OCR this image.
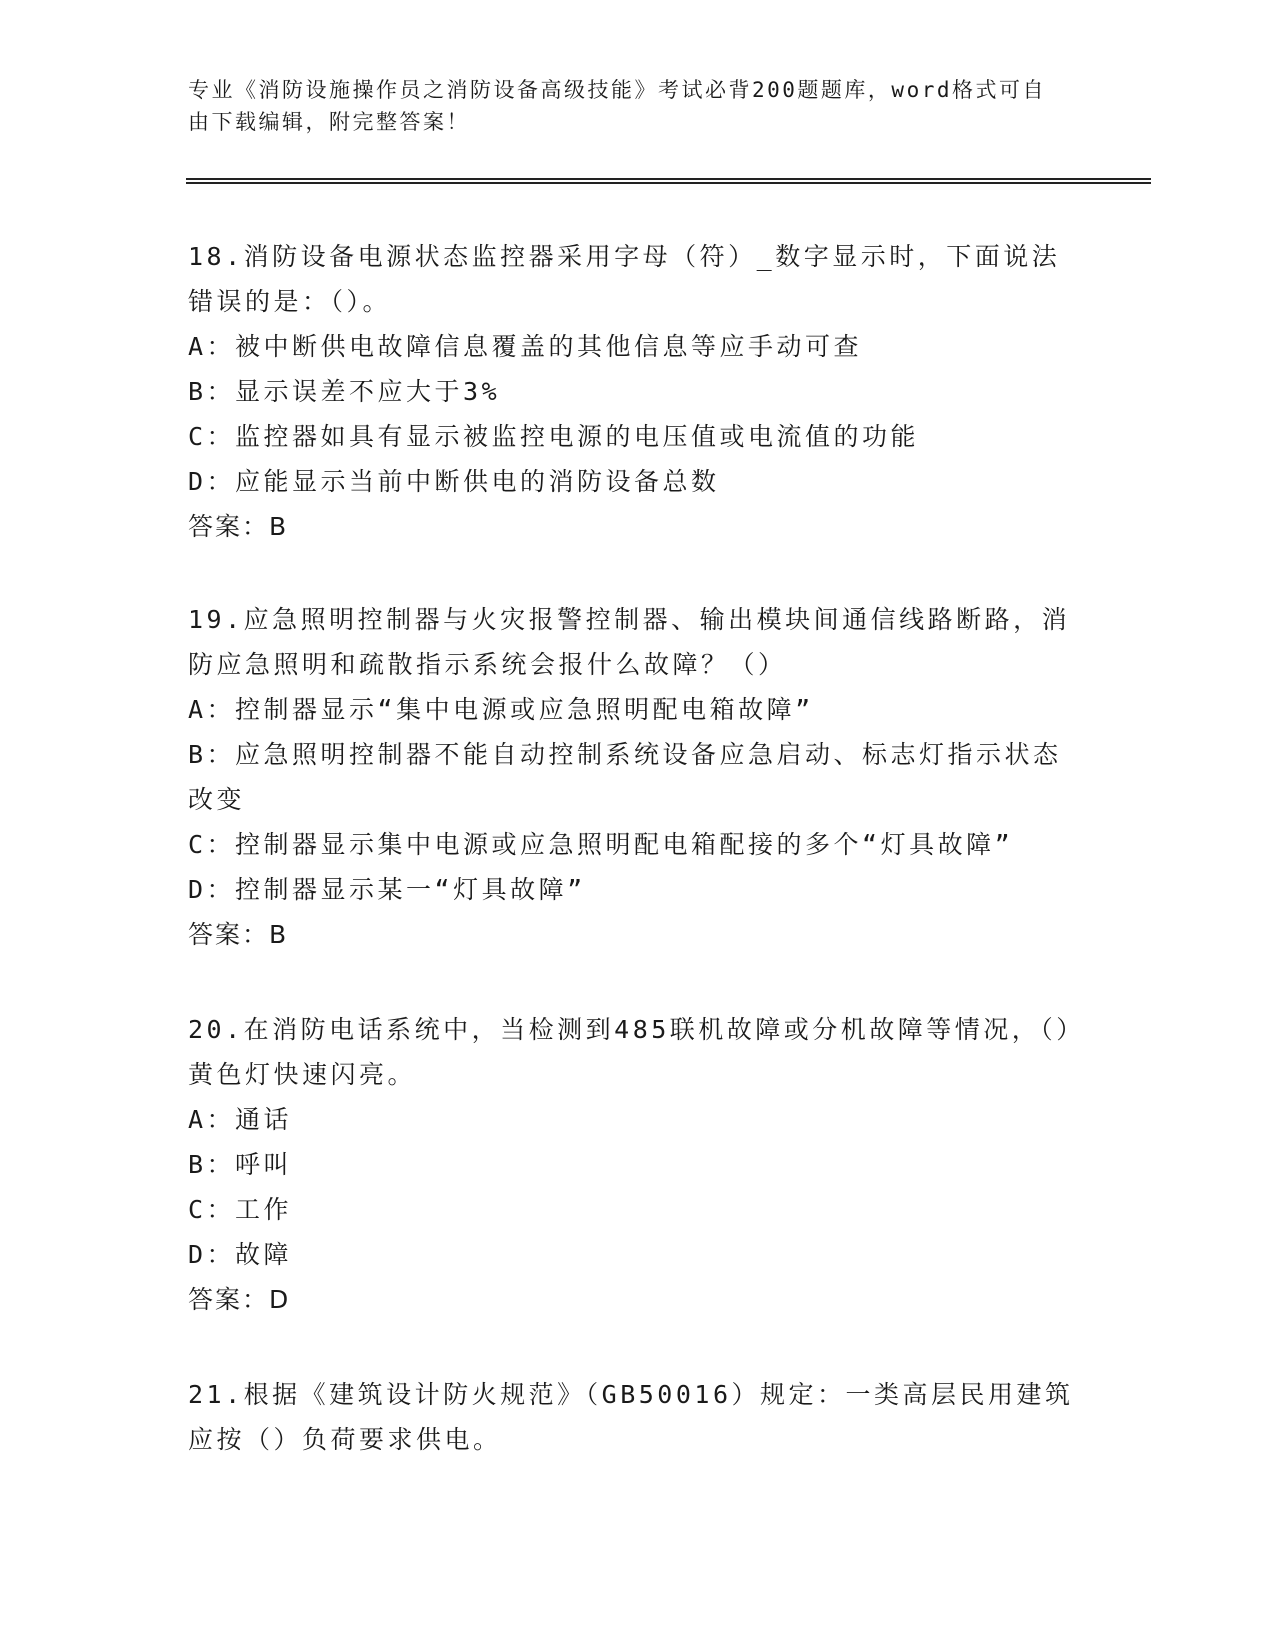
专业《消防设施操作员之消防设备高级技能》考试必背200题题库，word格式可自由下载编辑，附完整答案！

18.消防设备电源状态监控器采用字母（符）_数字显示时，下面说法错误的是：（）。

A：被中断供电故障信息覆盖的其他信息等应手动可查

B：显示误差不应大于3%

C：监控器如具有显示被监控电源的电压值或电流值的功能

D：应能显示当前中断供电的消防设备总数

答案：B

19.应急照明控制器与火灾报警控制器、输出模块间通信线路断路，消防应急照明和疏散指示系统会报什么故障？（）

A：控制器显示“集中电源或应急照明配电箱故障”

B：应急照明控制器不能自动控制系统设备应急启动、标志灯指示状态改变

C：控制器显示集中电源或应急照明配电箱配接的多个“灯具故障”

D：控制器显示某一“灯具故障”

答案：B

20.在消防电话系统中，当检测到485联机故障或分机故障等情况，（）黄色灯快速闪亮。

A：通话

B：呼叫

C：工作

D：故障

答案：D

21.根据《建筑设计防火规范》（GB50016）规定：一类高层民用建筑应按（）负荷要求供电。
